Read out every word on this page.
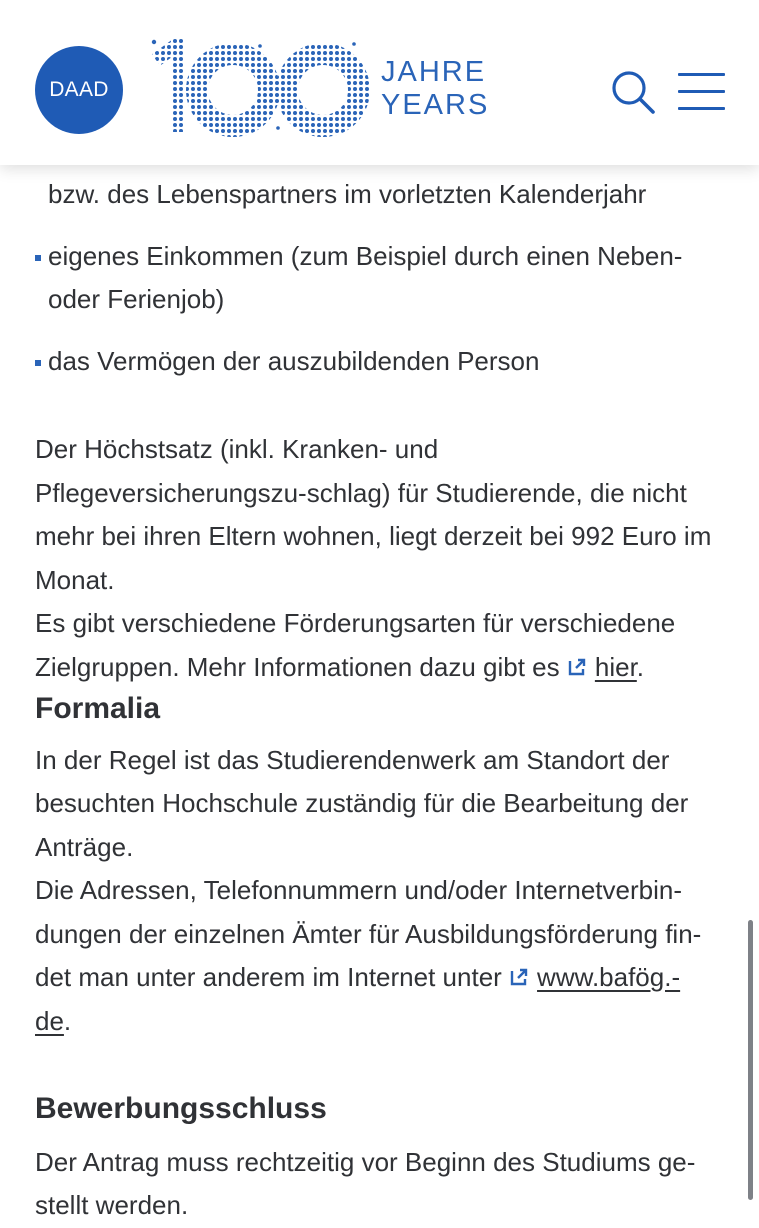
DAAD
100
JAHRE
YEARS
bzw. des Lebenspartners im vorletzten Kalenderjahr
eigenes Einkommen (zum Beispiel durch einen Neben-oder Ferienjob)
das Vermögen der auszubildenden Person

Der Höchstsatz (inkl. Kranken- und Pflegeversicherungszu-schlag) für Studierende, die nicht mehr bei ihren Eltern wohnen, liegt derzeit bei 992 Euro im Monat.

Es gibt verschiedene Förderungsarten für verschiedene Zielgruppen. Mehr Informationen dazu gibt es hier.

Formalia

In der Regel ist das Studierendenwerk am Standort der besuchten Hochschule zuständig für die Bearbeitung der Anträge.

Die Adressen, Telefonnummern und/oder Internetverbin-dungen der einzelnen Ämter für Ausbildungsförderung fin-det man unter anderem im Internet unter www.bafög.-de.

Bewerbungsschluss

Der Antrag muss rechtzeitig vor Beginn des Studiums ge-stellt werden.
